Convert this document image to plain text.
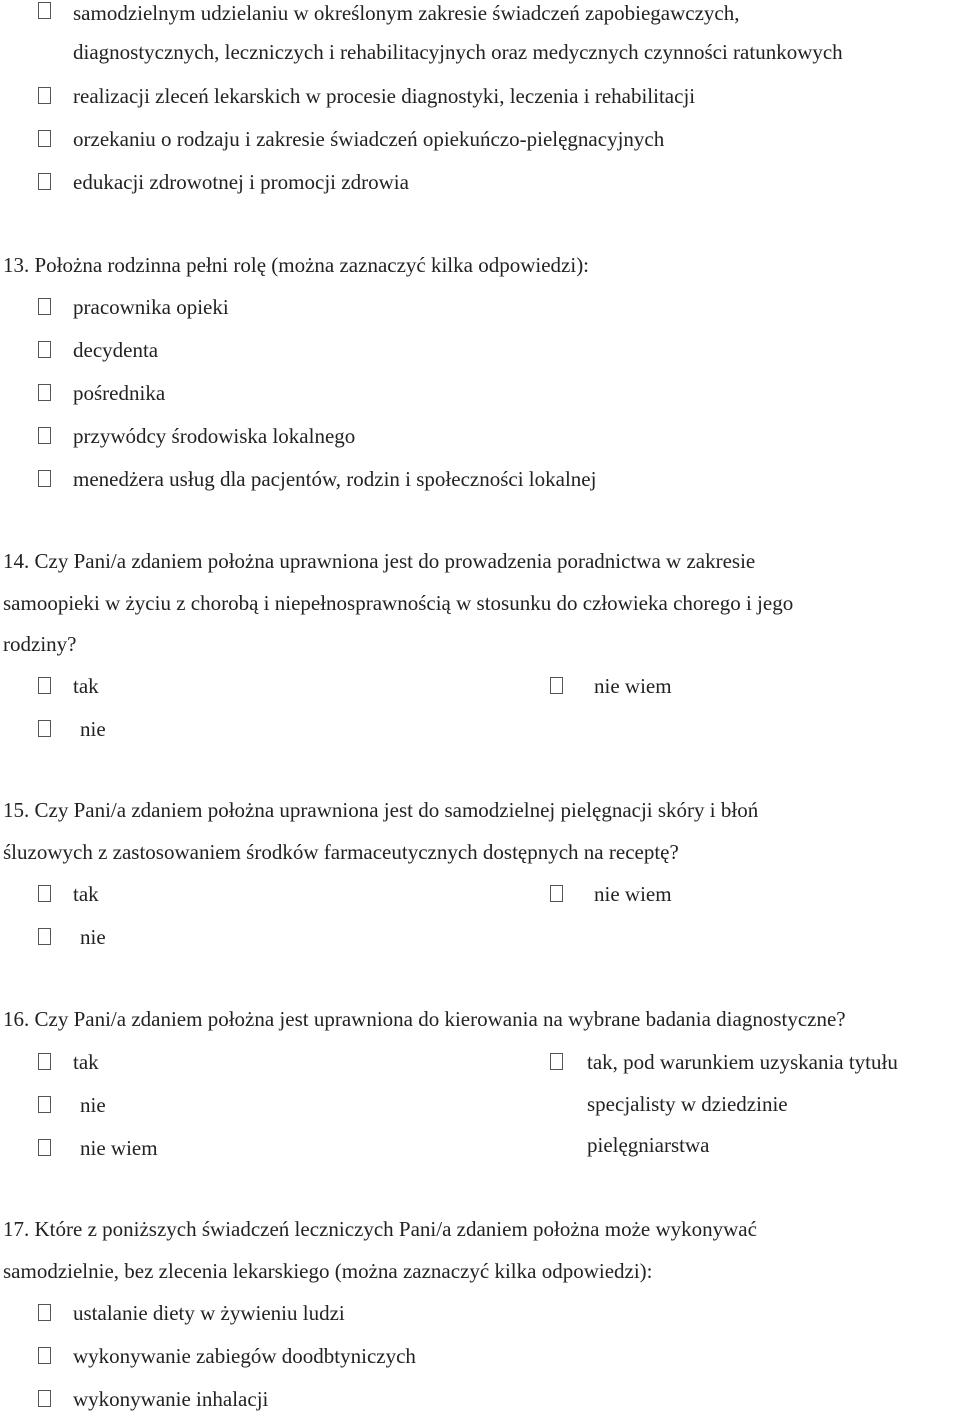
samodzielnym udzielaniu w określonym zakresie świadczeń zapobiegawczych,
diagnostycznych, leczniczych i rehabilitacyjnych oraz medycznych czynności ratunkowych
realizacji zleceń lekarskich w procesie diagnostyki, leczenia i rehabilitacji
orzekaniu o rodzaju i zakresie świadczeń opiekuńczo-pielęgnacyjnych
edukacji zdrowotnej i promocji zdrowia
13. Położna rodzinna pełni rolę (można zaznaczyć kilka odpowiedzi):
pracownika opieki
decydenta
pośrednika
przywódcy środowiska lokalnego
menedżera usług dla pacjentów, rodzin i społeczności lokalnej
14. Czy Pani/a zdaniem położna uprawniona jest do prowadzenia poradnictwa w zakresie
samoopieki w życiu z chorobą i niepełnosprawnością w stosunku do człowieka chorego i jego
rodziny?
tak	nie wiem
nie
15. Czy Pani/a zdaniem położna uprawniona jest do samodzielnej pielęgnacji skóry i błoń
śluzowych z zastosowaniem środków farmaceutycznych dostępnych na receptę?
tak	nie wiem
nie
16. Czy Pani/a zdaniem położna jest uprawniona do kierowania na wybrane badania diagnostyczne?
tak
nie
nie wiem
tak, pod warunkiem uzyskania tytułu
specjalisty w dziedzinie
pielęgniarstwa
17. Które z poniższych świadczeń leczniczych Pani/a zdaniem położna może wykonywać
samodzielnie, bez zlecenia lekarskiego (można zaznaczyć kilka odpowiedzi):
ustalanie diety w żywieniu ludzi
wykonywanie zabiegów doodbtyniczych
wykonywanie inhalacji
